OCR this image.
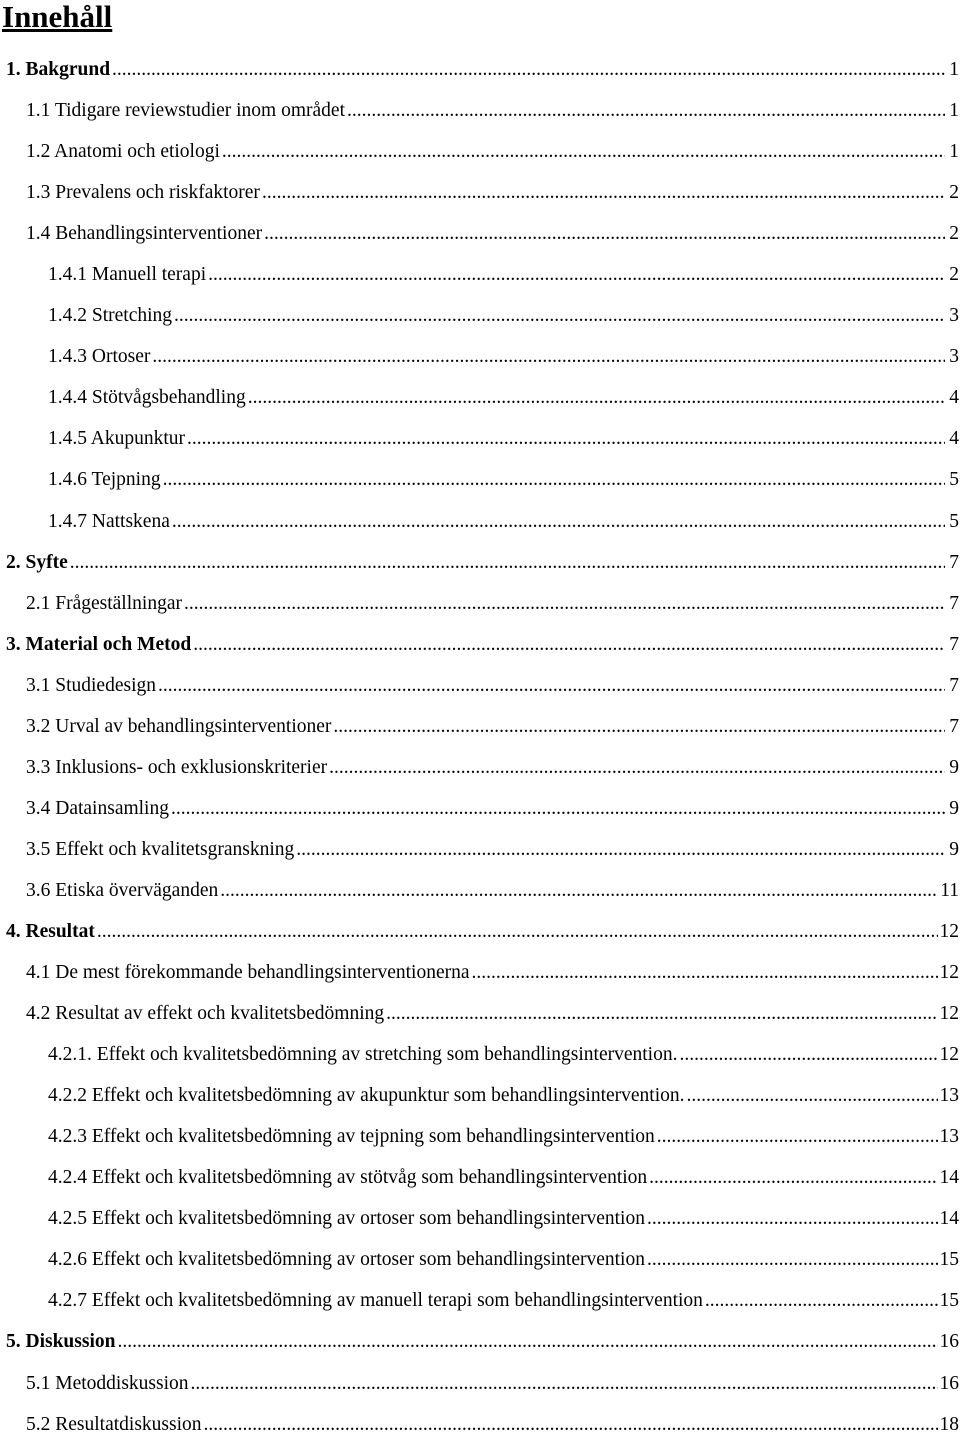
Innehåll
1. Bakgrund .....	1
1.1 Tidigare reviewstudier inom området .....	1
1.2 Anatomi och etiologi .....	1
1.3 Prevalens och riskfaktorer .....	2
1.4 Behandlingsinterventioner .....	2
1.4.1 Manuell terapi .....	2
1.4.2 Stretching .....	3
1.4.3 Ortoser .....	3
1.4.4 Stötvågsbehandling .....	4
1.4.5 Akupunktur .....	4
1.4.6 Tejpning .....	5
1.4.7 Nattskena .....	5
2. Syfte .....	7
2.1 Frågeställningar .....	7
3. Material och Metod .....	7
3.1 Studiedesign .....	7
3.2 Urval av behandlingsinterventioner .....	7
3.3 Inklusions- och exklusionskriterier .....	9
3.4 Datainsamling .....	9
3.5 Effekt och kvalitetsgranskning .....	9
3.6 Etiska överväganden .....	11
4. Resultat .....	12
4.1 De mest förekommande behandlingsinterventionerna .....	12
4.2 Resultat av effekt och kvalitetsbedömning .....	12
4.2.1. Effekt och kvalitetsbedömning av stretching som behandlingsintervention. .....	12
4.2.2 Effekt och kvalitetsbedömning av akupunktur som behandlingsintervention. .....	13
4.2.3 Effekt och kvalitetsbedömning av tejpning som behandlingsintervention .....	13
4.2.4 Effekt och kvalitetsbedömning av stötvåg som behandlingsintervention .....	14
4.2.5 Effekt och kvalitetsbedömning av ortoser som behandlingsintervention .....	14
4.2.6 Effekt och kvalitetsbedömning av ortoser som behandlingsintervention .....	15
4.2.7 Effekt och kvalitetsbedömning av manuell terapi som behandlingsintervention .....	15
5. Diskussion .....	16
5.1 Metoddiskussion .....	16
5.2 Resultatdiskussion .....	18
